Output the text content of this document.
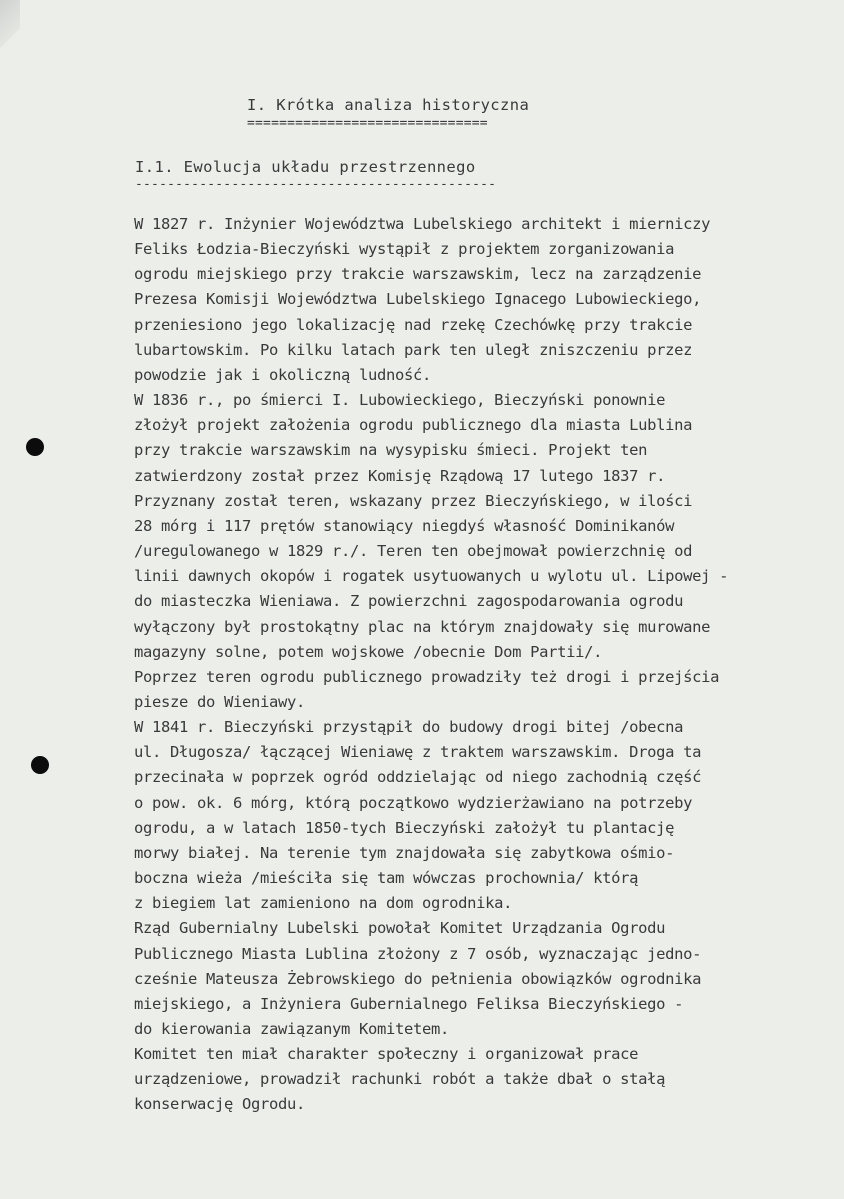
I. Krótka analiza historyczna
==============================
I.1. Ewolucja układu przestrzennego
---------------------------------------------
W 1827 r. Inżynier Województwa Lubelskiego architekt i mierniczy
Feliks Łodzia-Bieczyński wystąpił z projektem zorganizowania
ogrodu miejskiego przy trakcie warszawskim, lecz na zarządzenie
Prezesa Komisji Województwa Lubelskiego Ignacego Lubowieckiego,
przeniesiono jego lokalizację nad rzekę Czechówkę przy trakcie
lubartowskim. Po kilku latach park ten uległ zniszczeniu przez
powodzie jak i okoliczną ludność.
W 1836 r., po śmierci I. Lubowieckiego, Bieczyński ponownie
złożył projekt założenia ogrodu publicznego dla miasta Lublina
przy trakcie warszawskim na wysypisku śmieci. Projekt ten
zatwierdzony został przez Komisję Rządową 17 lutego 1837 r.
Przyznany został teren, wskazany przez Bieczyńskiego, w ilości
28 mórg i 117 prętów stanowiący niegdyś własność Dominikanów
/uregulowanego w 1829 r./. Teren ten obejmował powierzchnię od
linii dawnych okopów i rogatek usytuowanych u wylotu ul. Lipowej -
do miasteczka Wieniawa. Z powierzchni zagospodarowania ogrodu
wyłączony był prostokątny plac na którym znajdowały się murowane
magazyny solne, potem wojskowe /obecnie Dom Partii/.
Poprzez teren ogrodu publicznego prowadziły też drogi i przejścia
piesze do Wieniawy.
W 1841 r. Bieczyński przystąpił do budowy drogi bitej /obecna
ul. Długosza/ łączącej Wieniawę z traktem warszawskim. Droga ta
przecinała w poprzek ogród oddzielając od niego zachodnią część
o pow. ok. 6 mórg, którą początkowo wydzierżawiano na potrzeby
ogrodu, a w latach 1850-tych Bieczyński założył tu plantację
morwy białej. Na terenie tym znajdowała się zabytkowa ośmio-
boczna wieża /mieściła się tam wówczas prochownia/ którą
z biegiem lat zamieniono na dom ogrodnika.
Rząd Gubernialny Lubelski powołał Komitet Urządzania Ogrodu
Publicznego Miasta Lublina złożony z 7 osób, wyznaczając jedno-
cześnie Mateusza Żebrowskiego do pełnienia obowiązków ogrodnika
miejskiego, a Inżyniera Gubernialnego Feliksa Bieczyńskiego -
do kierowania zawiązanym Komitetem.
Komitet ten miał charakter społeczny i organizował prace
urządzeniowe, prowadził rachunki robót a także dbał o stałą
konserwację Ogrodu.
